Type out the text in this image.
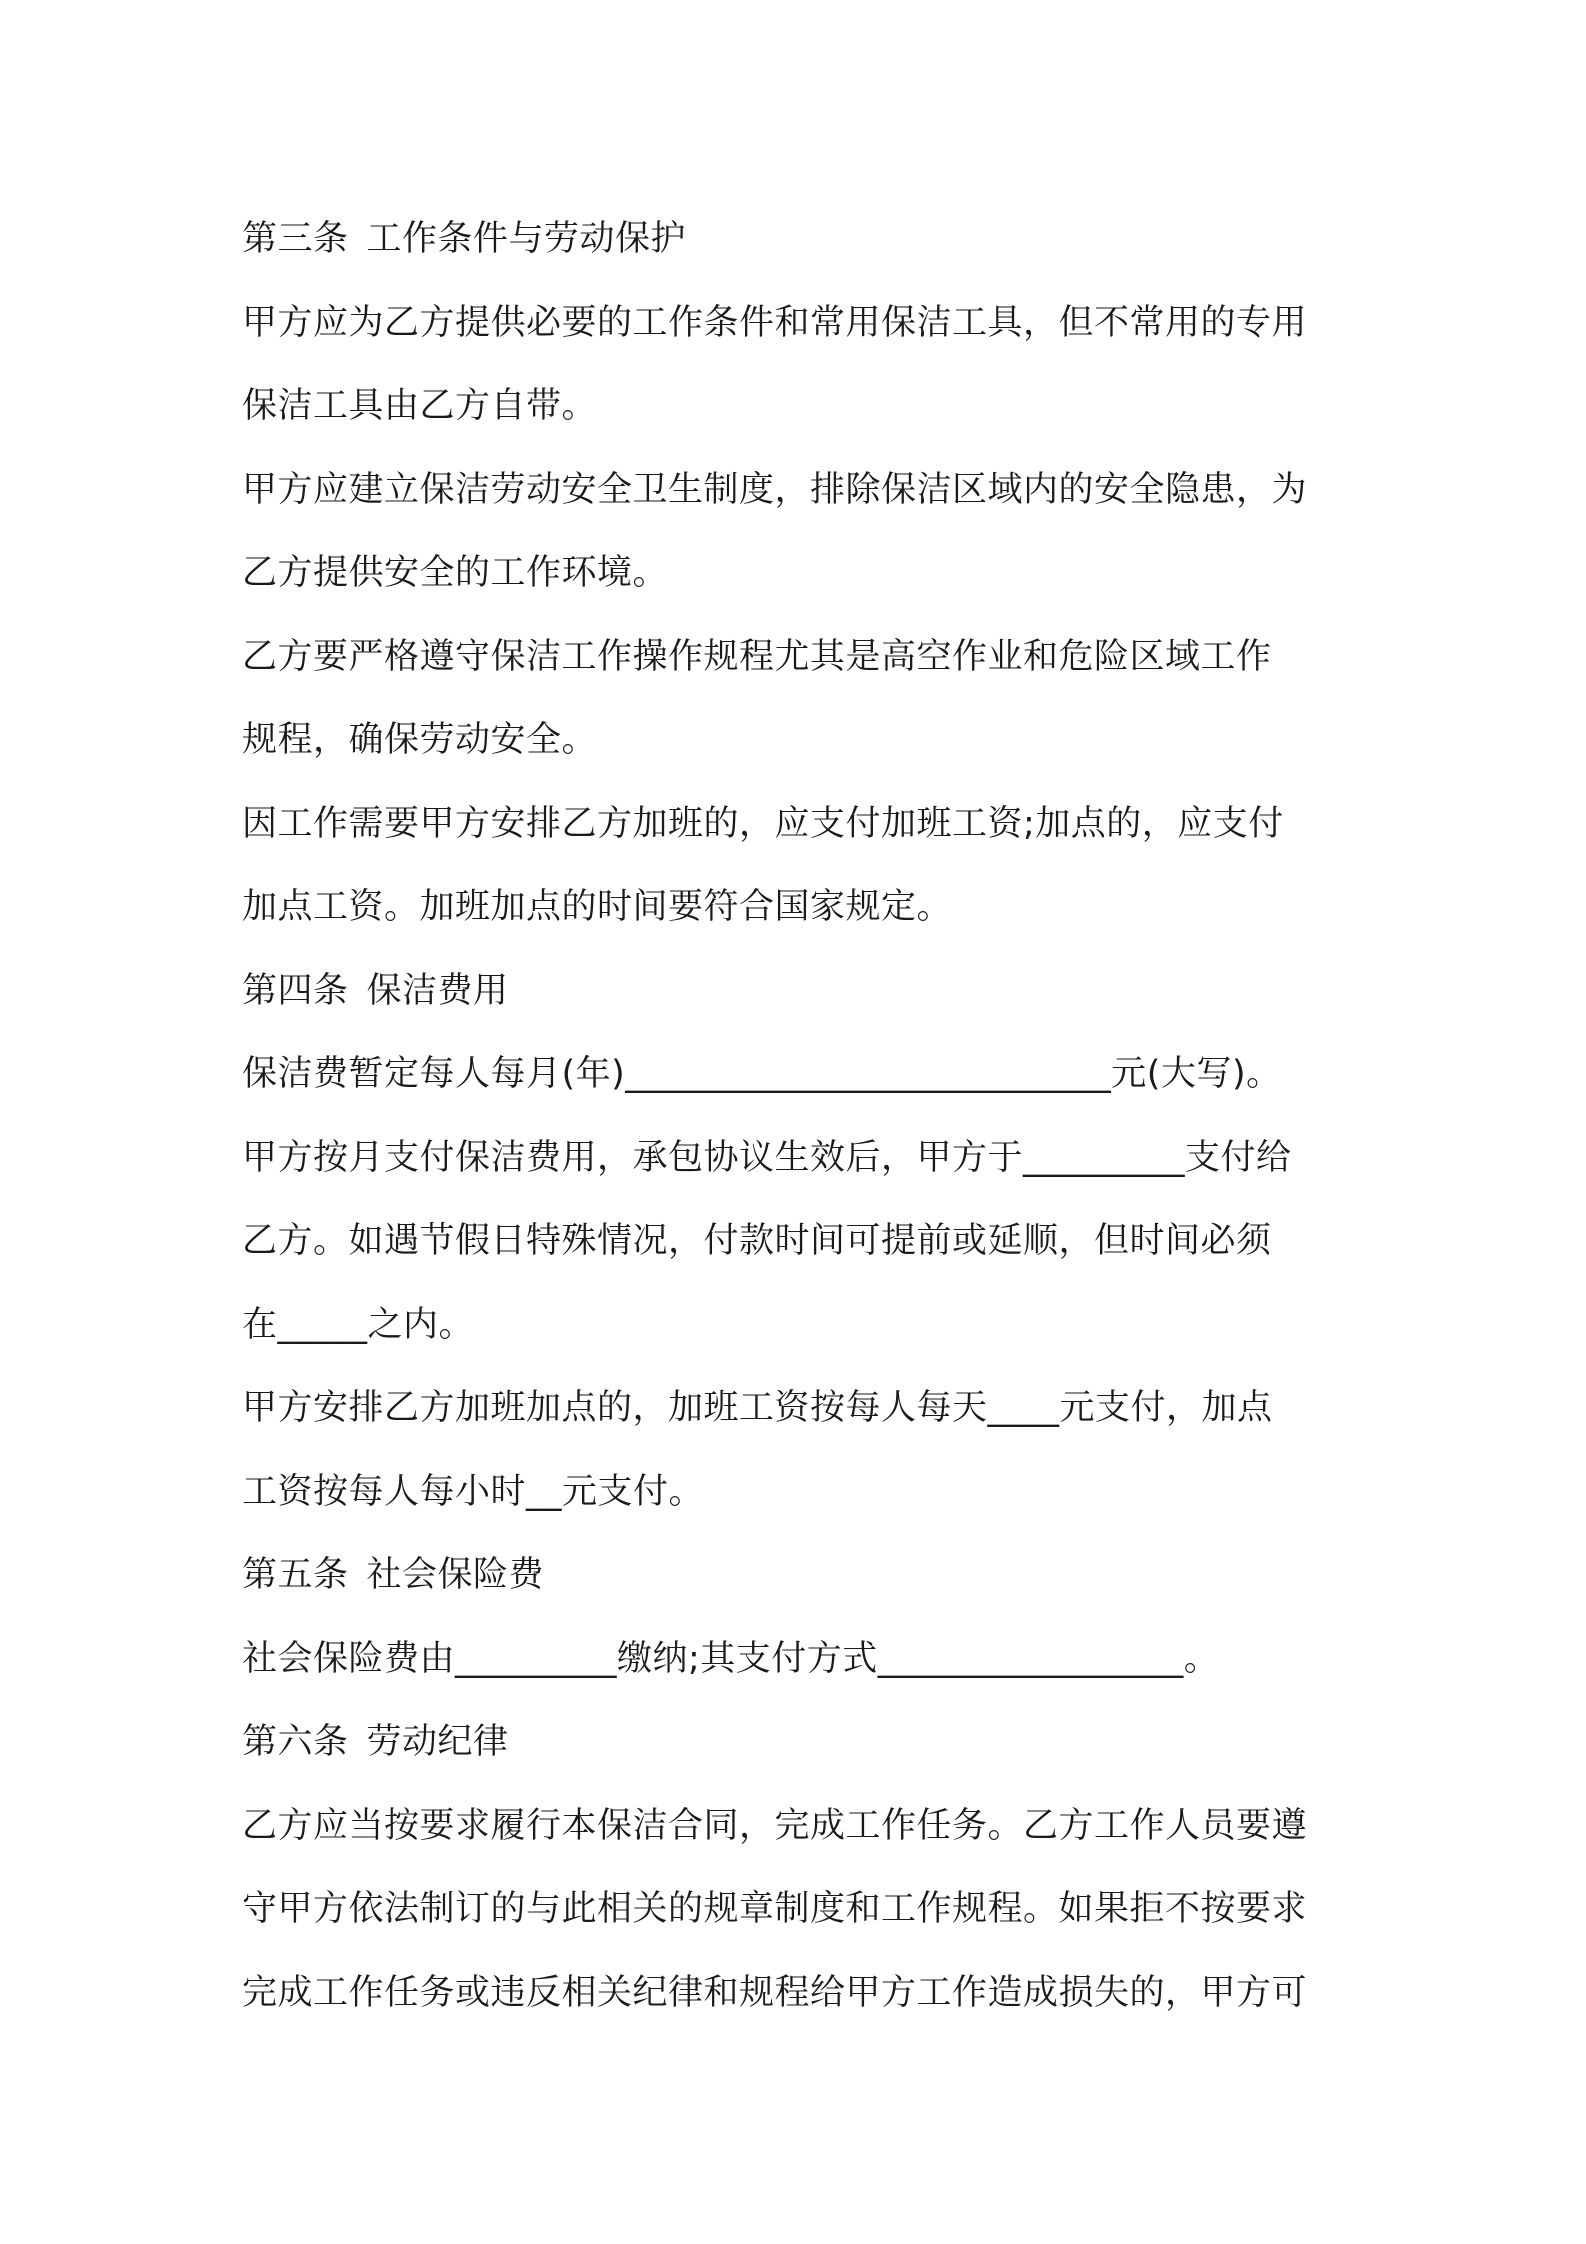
第三条 工作条件与劳动保护
甲方应为乙方提供必要的工作条件和常用保洁工具，但不常用的专用
保洁工具由乙方自带。
甲方应建立保洁劳动安全卫生制度，排除保洁区域内的安全隐患，为
乙方提供安全的工作环境。
乙方要严格遵守保洁工作操作规程尤其是高空作业和危险区域工作
规程，确保劳动安全。
因工作需要甲方安排乙方加班的，应支付加班工资;加点的，应支付
加点工资。加班加点的时间要符合国家规定。
第四条 保洁费用
保洁费暂定每人每月(年)___________________________元(大写)。
甲方按月支付保洁费用，承包协议生效后，甲方于_________支付给
乙方。如遇节假日特殊情况，付款时间可提前或延顺，但时间必须
在_____之内。
甲方安排乙方加班加点的，加班工资按每人每天____元支付，加点
工资按每人每小时__元支付。
第五条 社会保险费
社会保险费由_________缴纳;其支付方式_________________。
第六条 劳动纪律
乙方应当按要求履行本保洁合同，完成工作任务。乙方工作人员要遵
守甲方依法制订的与此相关的规章制度和工作规程。如果拒不按要求
完成工作任务或违反相关纪律和规程给甲方工作造成损失的，甲方可
